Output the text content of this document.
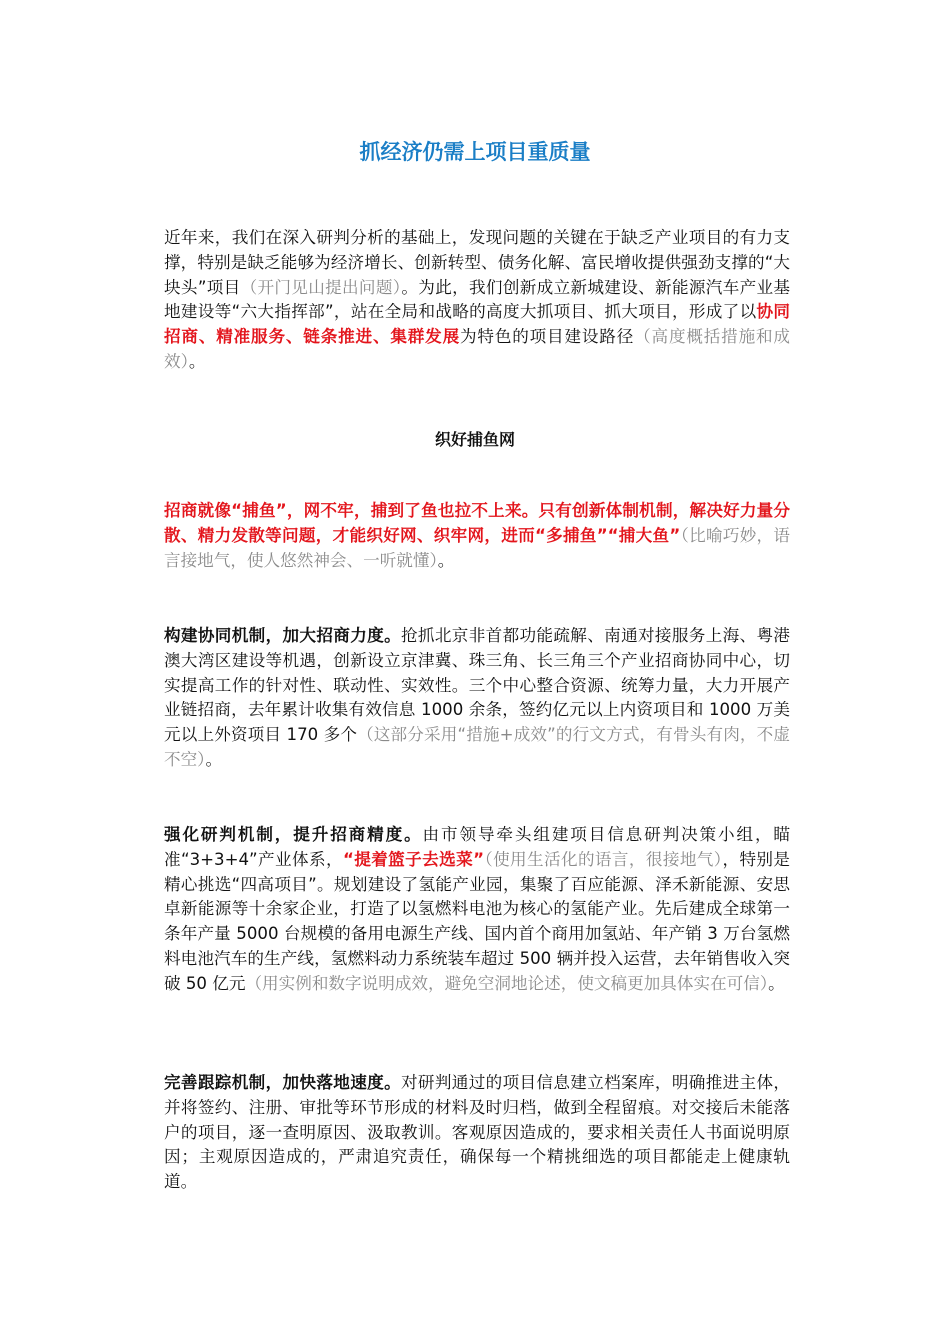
抓经济仍需上项目重质量

近年来，我们在深入研判分析的基础上，发现问题的关键在于缺乏产业项目的有力支撑，特别是缺乏能够为经济增长、创新转型、债务化解、富民增收提供强劲支撑的“大块头”项目（开门见山提出问题）。为此，我们创新成立新城建设、新能源汽车产业基地建设等“六大指挥部”，站在全局和战略的高度大抓项目、抓大项目，形成了以协同招商、精准服务、链条推进、集群发展为特色的项目建设路径（高度概括措施和成效）。

织好捕鱼网

招商就像“捕鱼”，网不牢，捕到了鱼也拉不上来。只有创新体制机制，解决好力量分散、精力发散等问题，才能织好网、织牢网，进而“多捕鱼”“捕大鱼”（比喻巧妙，语言接地气，使人悠然神会、一听就懂）。

构建协同机制，加大招商力度。抢抓北京非首都功能疏解、南通对接服务上海、粤港澳大湾区建设等机遇，创新设立京津冀、珠三角、长三角三个产业招商协同中心，切实提高工作的针对性、联动性、实效性。三个中心整合资源、统筹力量，大力开展产业链招商，去年累计收集有效信息 1000 余条，签约亿元以上内资项目和 1000 万美元以上外资项目 170 多个（这部分采用“措施+成效”的行文方式，有骨头有肉，不虚不空）。

强化研判机制，提升招商精度。由市领导牵头组建项目信息研判决策小组，瞄准“3+3+4”产业体系，“提着篮子去选菜”（使用生活化的语言，很接地气），特别是精心挑选“四高项目”。规划建设了氢能产业园，集聚了百应能源、泽禾新能源、安思卓新能源等十余家企业，打造了以氢燃料电池为核心的氢能产业。先后建成全球第一条年产量 5000 台规模的备用电源生产线、国内首个商用加氢站、年产销 3 万台氢燃料电池汽车的生产线，氢燃料动力系统装车超过 500 辆并投入运营，去年销售收入突破 50 亿元（用实例和数字说明成效，避免空洞地论述，使文稿更加具体实在可信）。

完善跟踪机制，加快落地速度。对研判通过的项目信息建立档案库，明确推进主体，并将签约、注册、审批等环节形成的材料及时归档，做到全程留痕。对交接后未能落户的项目，逐一查明原因、汲取教训。客观原因造成的，要求相关责任人书面说明原因；主观原因造成的，严肃追究责任，确保每一个精挑细选的项目都能走上健康轨道。
